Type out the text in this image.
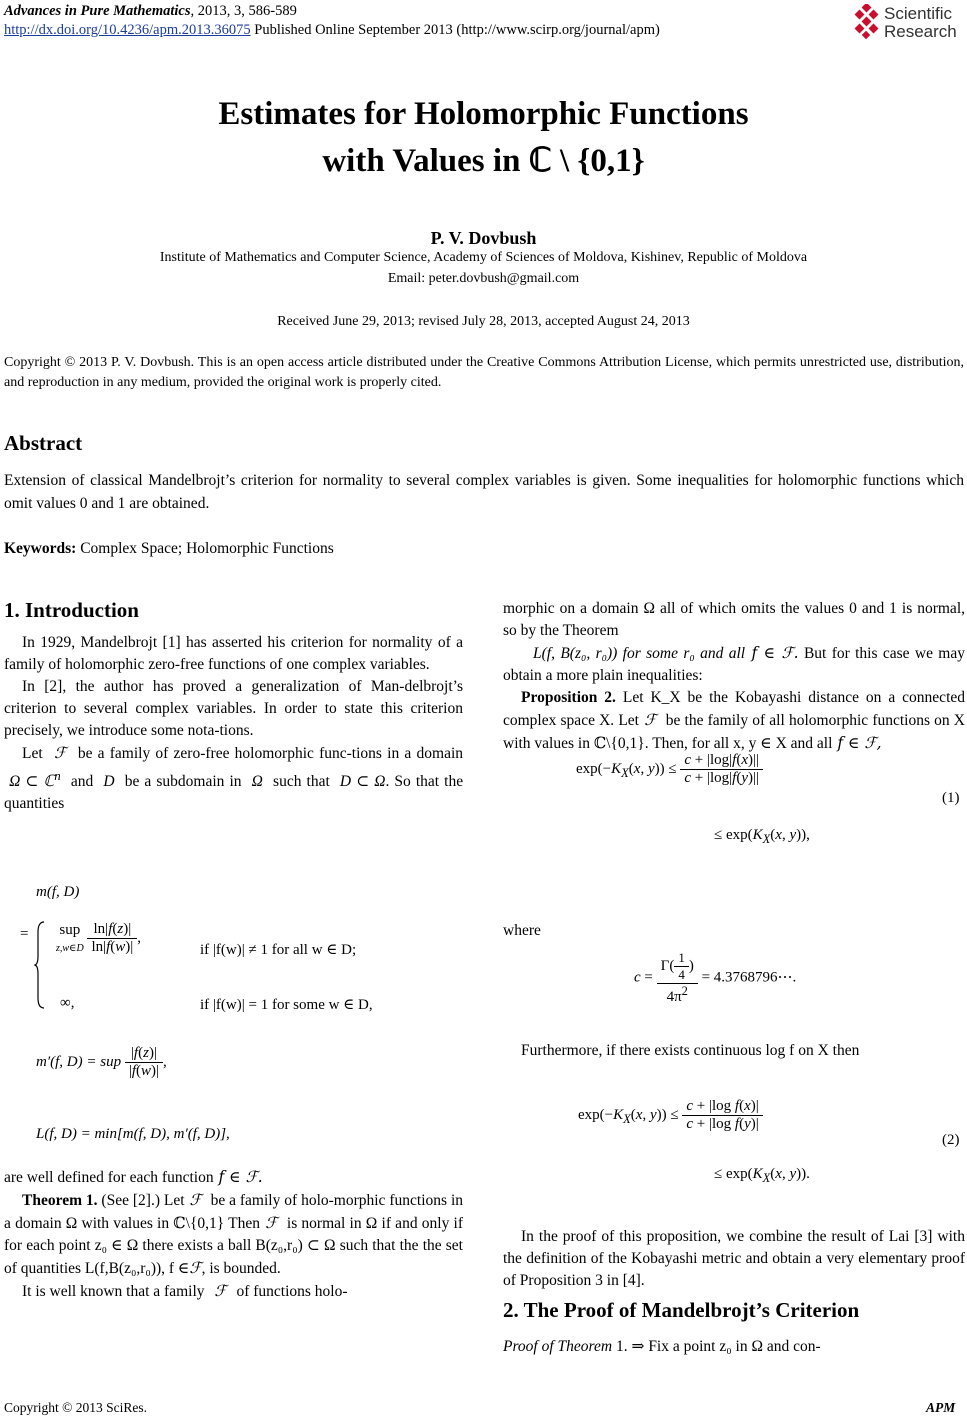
Advances in Pure Mathematics, 2013, 3, 586-589
http://dx.doi.org/10.4236/apm.2013.36075 Published Online September 2013 (http://www.scirp.org/journal/apm)
Scientific
Research
Estimates for Holomorphic Functions
with Values in ℂ \ {0,1}
P. V. Dovbush
Institute of Mathematics and Computer Science, Academy of Sciences of Moldova, Kishinev, Republic of Moldova
Email: peter.dovbush@gmail.com
Received June 29, 2013; revised July 28, 2013, accepted August 24, 2013
Copyright © 2013 P. V. Dovbush. This is an open access article distributed under the Creative Commons Attribution License, which permits unrestricted use, distribution, and reproduction in any medium, provided the original work is properly cited.
Abstract
Extension of classical Mandelbrojt’s criterion for normality to several complex variables is given. Some inequalities for holomorphic functions which omit values 0 and 1 are obtained.
Keywords: Complex Space; Holomorphic Functions
1. Introduction

In 1929, Mandelbrojt [1] has asserted his criterion for normality of a family of holomorphic zero-free functions of one complex variables.

In [2], the author has proved a generalization of Man-delbrojt’s criterion to several complex variables. In order to state this criterion precisely, we introduce some nota-tions.

Let  ℱ  be a family of zero-free holomorphic func-tions in a domain  Ω ⊂ ℂ$^n$ and  D  be a subdomain in  Ω  such that  D ⊂ Ω. So that the quantities

m(f, D)
= sup
z,w∈D $\frac{\ln|f(z)|}{\ln|f(w)|}$ ,
if |f(w)| ≠ 1 for all w ∈ D;
∞,	if |f(w)| = 1 for some w ∈ D,
m′(f, D) = sup $\frac{|f(z)|}{|f(w)|}$ ,
L(f, D) = min[m(f, D), m′(f, D)],

are well defined for each function f ∈ ℱ.

Theorem 1. (See [2].) Let ℱ  be a family of holo-morphic functions in a domain Ω with values in ℂ\{0,1} Then ℱ  is normal in Ω if and only if for each point z₀ ∈ Ω there exists a ball B(z₀,r₀) ⊂ Ω such that the the set of quantities L(f,B(z₀,r₀)), f ∈ℱ, is bounded.

It is well known that a family  ℱ  of functions holo-

morphic on a domain Ω all of which omits the values 0 and 1 is normal, so by the Theorem

L(f, B(z₀, r₀)) for some r₀ and all f ∈ ℱ. But for this case we may obtain a more plain inequalities:

Proposition 2. Let K_X be the Kobayashi distance on a connected complex space X. Let ℱ  be the family of all holomorphic functions on X with values in ℂ\{0,1}. Then, for all x, y ∈ X and all f ∈ ℱ,

$\exp(-K_X(x$, $y)) \le \frac{c + |\log|f(x)||}{c + |\log|f(y)||}$
≤ $\exp(K_X(x$, y)),
(1)
where
$c = \frac{\Gamma( \frac{1}{4} )}{4\pi^2}$ = 4.3768796⋯.

Furthermore, if there exists continuous log f on X then

$\exp(-K_X(x$, $y)) \le \frac{\text{c + |log f(x)|}}{\text{c + |log f(y)|}}$
≤ $\exp(K_X(x$, y)).
(2)

In the proof of this proposition, we combine the result of Lai [3] with the definition of the Kobayashi metric and obtain a very elementary proof of Proposition 3 in [4].

2. The Proof of Mandelbrojt’s Criterion

Proof of Theorem 1. ⇒ Fix a point z₀ in Ω and con-

Copyright © 2013 SciRes.	APM
